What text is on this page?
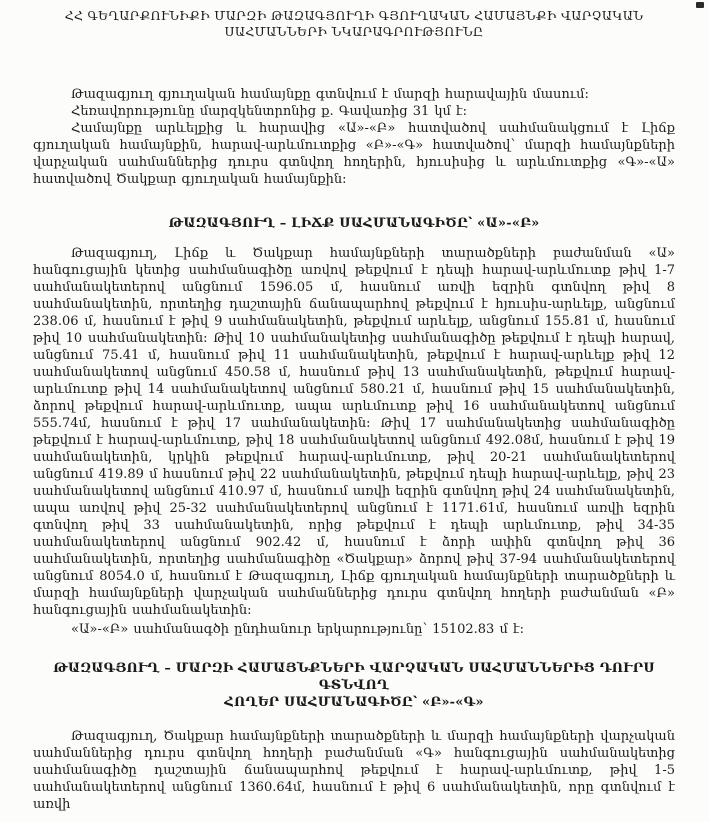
ՀՀ ԳԵՂԱՐՔՈՒՆԻՔԻ ՄԱՐԶԻ ԹԱԶԱԳՅՈՒՂԻ ԳՅՈՒՂԱԿԱՆ ՀԱՄԱՅՆՔԻ ՎԱՐՉԱԿԱՆ
ՍԱՀՄԱՆՆԵՐԻ ՆԿԱՐԱԳՐՈՒԹՅՈՒՆԸ

Թազագյուղ գյուղական համայնքը գտնվում է մարզի հարավային մասում:

Հեռավորությունը մարզկենտրոնից ք. Գավառից 31 կմ է:

Համայնքը արևելքից և հարավից «Ա»-«Բ» հատվածով սահմանակցում է Լիճք գյուղական համայնքին, հարավ-արևմուտքից «Բ»-«Գ» հատվածով՝ մարզի համայնքների վարչական սահմաններից դուրս գտնվող հողերին, հյուսիսից և արևմուտքից «Գ»-«Ա» հատվածով Ծակքար գյուղական համայնքին:

ԹԱԶԱԳՅՈՒՂ – ԼԻՃՔ ՍԱՀՄԱՆԱԳԻԾԸ՝ «Ա»-«Բ»

Թազագյուղ, Լիճք և Ծակքար համայնքների տարածքների բաժանման «Ա» հանգուցային կետից սահմանագիծը առվով թեքվում է դեպի հարավ-արևմուտք թիվ 1-7 սահմանակետերով անցնում 1596.05 մ, հասնում առվի եզրին գտնվող թիվ 8 սահմանակետին, որտեղից դաշտային ճանապարհով թեքվում է հյուսիս-արևելք, անցնում 238.06 մ, հասնում է թիվ 9 սահմանակետին, թեքվում արևելք, անցնում 155.81 մ, հասնում թիվ 10 սահմանակետին: Թիվ 10 սահմանակետից սահմանագիծը թեքվում է դեպի հարավ, անցնում 75.41 մ, հասնում թիվ 11 սահմանակետին, թեքվում է հարավ-արևելք թիվ 12 սահմանակետով անցնում 450.58 մ, հասնում թիվ 13 սահմանակետին, թեքվում հարավ-արևմուտք թիվ 14 սահմանակետով անցնում 580.21 մ, հասնում թիվ 15 սահմանակետին, ձորով թեքվում հարավ-արևմուտք, ապա արևմուտք թիվ 16 սահմանակետով անցնում 555.74մ, հասնում է թիվ 17 սահմանակետին: Թիվ 17 սահմանակետից սահմանագիծը թեքվում է հարավ-արևմուտք, թիվ 18 սահմանակետով անցնում 492.08մ, հասնում է թիվ 19 սահմանակետին, կրկին թեքվում հարավ-արևմուտք, թիվ 20-21 սահմանակետերով անցնում 419.89 մ հասնում թիվ 22 սահմանակետին, թեքվում դեպի հարավ-արևելք, թիվ 23 սահմանակետով անցնում 410.97 մ, հասնում առվի եզրին գտնվող թիվ 24 սահմանակետին, ապա առվով թիվ 25-32 սահմանակետերով անցնում է 1171.61մ, հասնում առվի եզրին գտնվող թիվ 33 սահմանակետին, որից թեքվում է դեպի արևմուտք, թիվ 34-35 սահմանակետերով անցնում 902.42 մ, հասնում է ձորի ափին գտնվող թիվ 36 սահմանակետին, որտեղից սահմանագիծը «Ծակքար» ձորով թիվ 37-94 սահմանակետերով անցնում 8054.0 մ, հասնում է Թազագյուղ, Լիճք գյուղական համայնքների տարածքների և մարզի համայնքների վարչական սահմաններից դուրս գտնվող հողերի բաժանման «Բ» հանգուցային սահմանակետին:

«Ա»-«Բ» սահմանագծի ընդհանուր երկարությունը՝ 15102.83 մ է:

ԹԱԶԱԳՅՈՒՂ – ՄԱՐԶԻ ՀԱՄԱՅՆՔՆԵՐԻ ՎԱՐՉԱԿԱՆ ՍԱՀՄԱՆՆԵՐԻՑ ԴՈՒՐՍ ԳՏՆՎՈՂ
ՀՈՂԵՐ ՍԱՀՄԱՆԱԳԻԾԸ՝ «Բ»-«Գ»

Թազագյուղ, Ծակքար համայնքների տարածքների և մարզի համայնքների վարչական սահմաններից դուրս գտնվող հողերի բաժանման «Գ» հանգուցային սահմանակետից սահմանագիծը դաշտային ճանապարհով թեքվում է հարավ-արևմուտք, թիվ 1-5 սահմանակետերով անցնում 1360.64մ, հասնում է թիվ 6 սահմանակետին, որը գտնվում է առվի
